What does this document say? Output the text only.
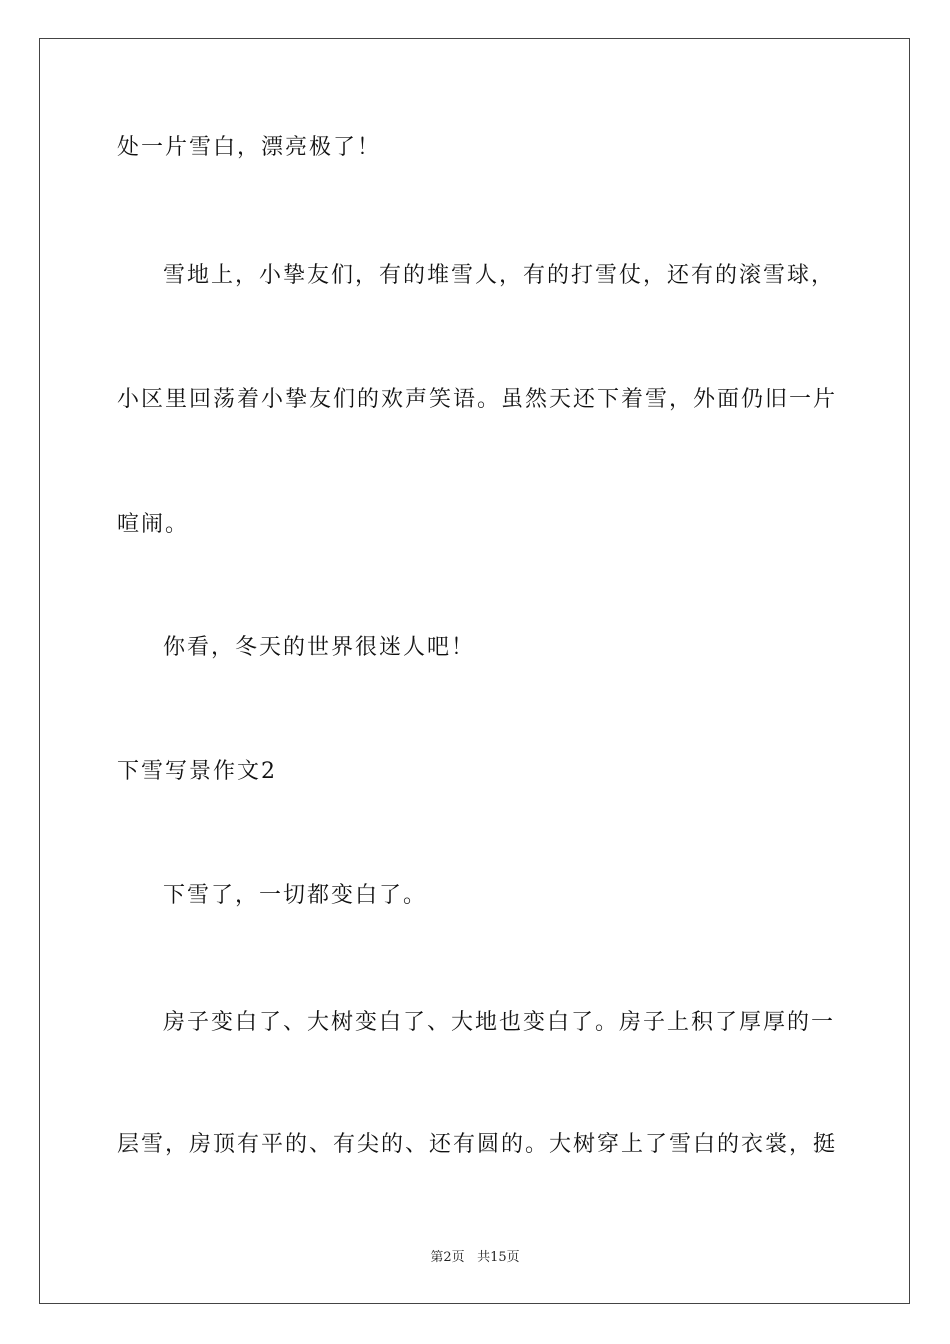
处一片雪白，漂亮极了！
雪地上，小挚友们，有的堆雪人，有的打雪仗，还有的滚雪球，
小区里回荡着小挚友们的欢声笑语。虽然天还下着雪，外面仍旧一片
喧闹。
你看，冬天的世界很迷人吧！
下雪写景作文2
下雪了，一切都变白了。
房子变白了、大树变白了、大地也变白了。房子上积了厚厚的一
层雪，房顶有平的、有尖的、还有圆的。大树穿上了雪白的衣裳，挺
第2页 共15页
